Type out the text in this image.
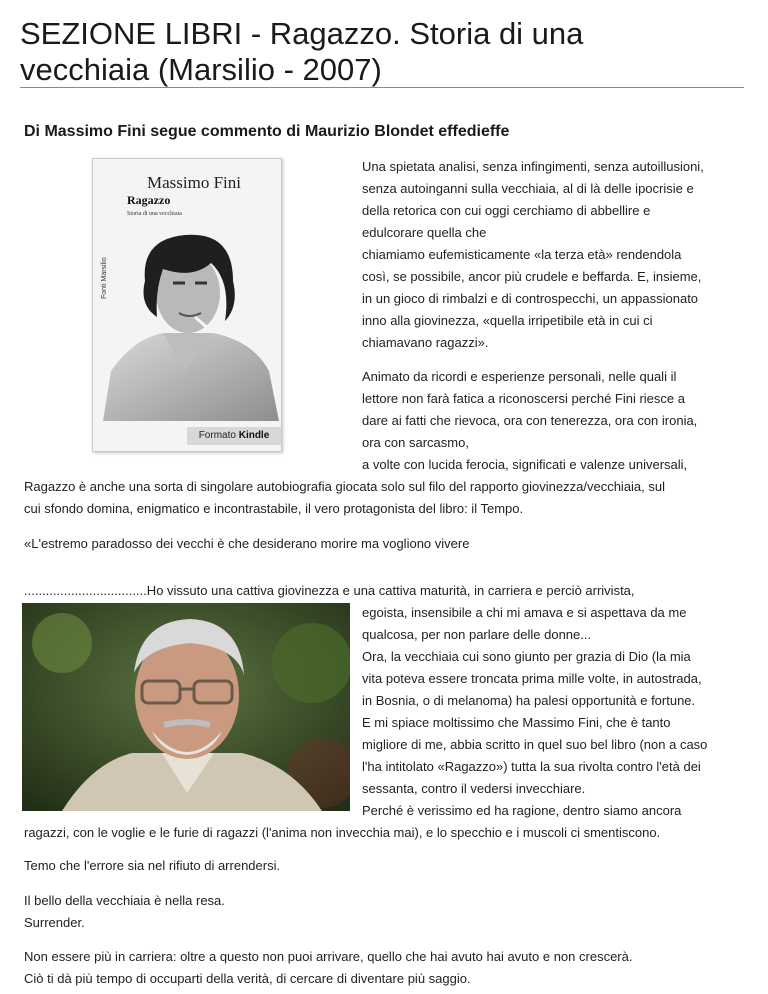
SEZIONE LIBRI - Ragazzo. Storia di una
vecchiaia (Marsilio - 2007)
Di Massimo Fini segue commento di Maurizio Blondet effedieffe
Massimo Fini
Ragazzo
Storia di una vecchiaia
Fonti Marsilio
Formato Kindle

Una spietata analisi, senza infingimenti, senza autoillusioni,
senza autoinganni sulla vecchiaia, al di là delle ipocrisie e
della retorica con cui oggi cerchiamo di abbellire e
edulcorare quella che
chiamiamo eufemisticamente «la terza età» rendendola
così, se possibile, ancor più crudele e beffarda. E, insieme,
in un gioco di rimbalzi e di controspecchi, un appassionato
inno alla giovinezza, «quella irripetibile età in cui ci
chiamavano ragazzi».

Animato da ricordi e esperienze personali, nelle quali il
lettore non farà fatica a riconoscersi perché Fini riesce a
dare ai fatti che rievoca, ora con tenerezza, ora con ironia,
ora con sarcasmo,
a volte con lucida ferocia, significati e valenze universali,

Ragazzo è anche una sorta di singolare autobiografia giocata solo sul filo del rapporto giovinezza/vecchiaia, sul
cui sfondo domina, enigmatico e incontrastabile, il vero protagonista del libro: il Tempo.

«L'estremo paradosso dei vecchi è che desiderano morire ma vogliono vivere

..................................Ho vissuto una cattiva giovinezza e una cattiva maturità, in carriera e perciò arrivista,

egoista, insensibile a chi mi amava e si aspettava da me
qualcosa, per non parlare delle donne...
Ora, la vecchiaia cui sono giunto per grazia di Dio (la mia
vita poteva essere troncata prima mille volte, in autostrada,
in Bosnia, o di melanoma) ha palesi opportunità e fortune.
E mi spiace moltissimo che Massimo Fini, che è tanto
migliore di me, abbia scritto in quel suo bel libro (non a caso
l'ha intitolato «Ragazzo») tutta la sua rivolta contro l'età dei
sessanta, contro il vedersi invecchiare.
Perché è verissimo ed ha ragione, dentro siamo ancora

ragazzi, con le voglie e le furie di ragazzi (l'anima non invecchia mai), e lo specchio e i muscoli ci smentiscono.

Temo che l'errore sia nel rifiuto di arrendersi.

Il bello della vecchiaia è nella resa.
Surrender.

Non essere più in carriera: oltre a questo non puoi arrivare, quello che hai avuto hai avuto e non crescerà.
Ciò ti dà più tempo di occuparti della verità, di cercare di diventare più saggio.
